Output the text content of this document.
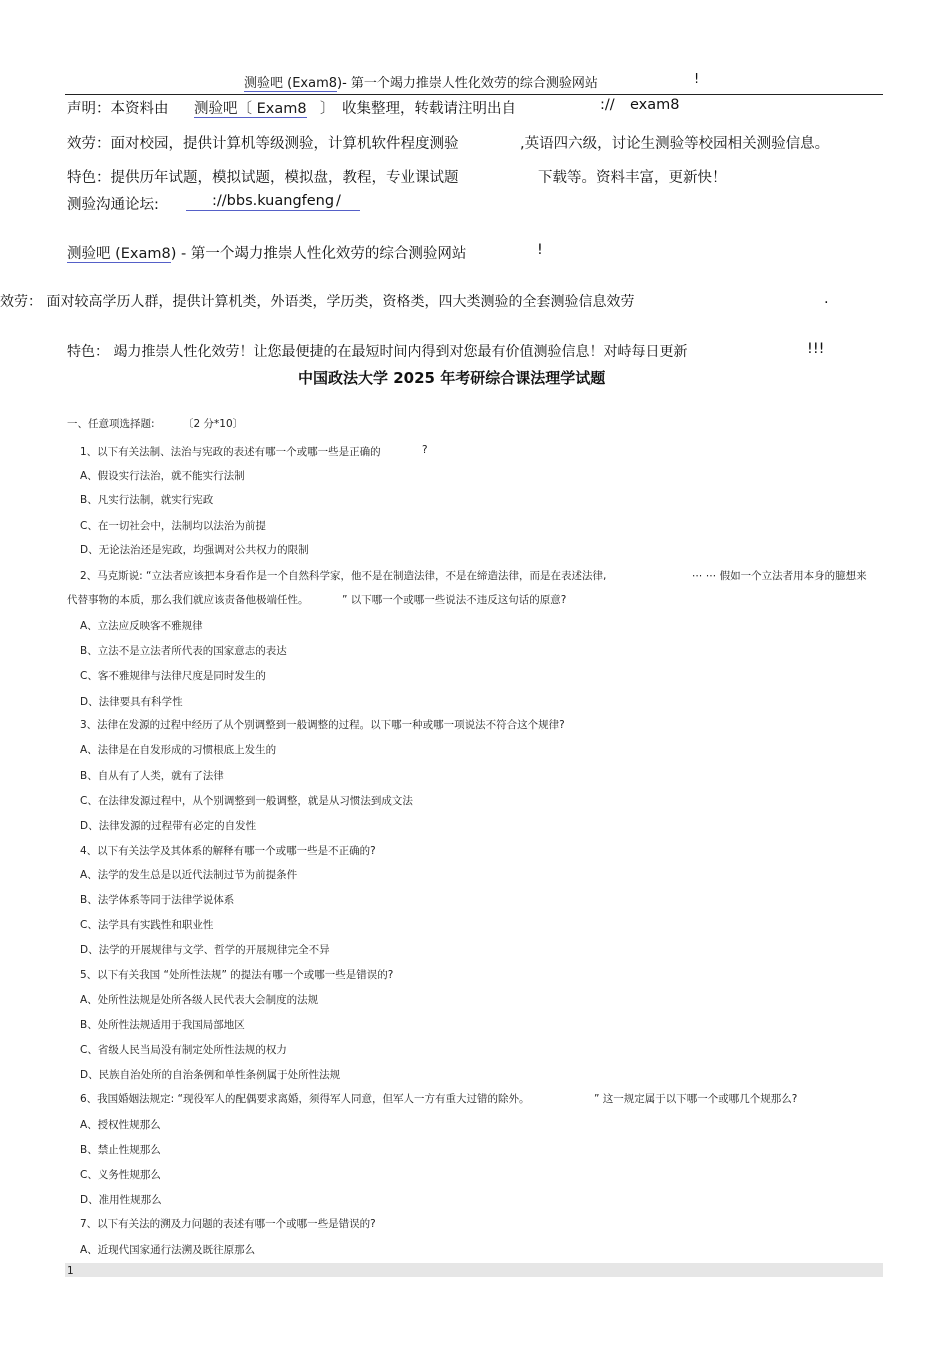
测验吧 (Exam8)- 第一个竭力推崇人性化效劳的综合测验网站	!
声明：本资料由 测验吧〔 Exam8 〕 收集整理，转载请注明出自	:// exam8
效劳：面对校园，提供计算机等级测验，计算机软件程度测验	,英语四六级，讨论生测验等校园相关测验信息。
特色：提供历年试题，模拟试题，模拟盘，教程，专业课试题	下载等。资料丰富，更新快！
测验沟通论坛:	://bbs.kuangfeng /
测验吧 (Exam8) - 第一个竭力推崇人性化效劳的综合测验网站	!
效劳： 面对较高学历人群，提供计算机类，外语类，学历类，资格类，四大类测验的全套测验信息效劳	.
特色： 竭力推崇人性化效劳！让您最便捷的在最短时间内得到对您最有价值测验信息！对峙每日更新	!!!
中国政法大学 2025 年考研综合课法理学试题
一、任意项选择题:	〔2 分*10〕
1、以下有关法制、法治与宪政的表述有哪一个或哪一些是正确的	?
A、假设实行法治，就不能实行法制
B、凡实行法制，就实行宪政
C、在一切社会中，法制均以法治为前提
D、无论法治还是宪政，均强调对公共权力的限制
2、马克斯说: “立法者应该把本身看作是一个自然科学家，他不是在制造法律，不是在缔造法律，而是在表述法律,	⋯ ⋯ 假如一个立法者用本身的臆想来
代替事物的本质，那么我们就应该责备他极端任性。	” 以下哪一个或哪一些说法不违反这句话的原意?
A、立法应反映客不雅规律
B、立法不是立法者所代表的国家意志的表达
C、客不雅规律与法律尺度是同时发生的
D、法律要具有科学性
3、法律在发源的过程中经历了从个别调整到一般调整的过程。以下哪一种或哪一项说法不符合这个规律?
A、法律是在自发形成的习惯根底上发生的
B、自从有了人类，就有了法律
C、在法律发源过程中，从个别调整到一般调整，就是从习惯法到成文法
D、法律发源的过程带有必定的自发性
4、以下有关法学及其体系的解释有哪一个或哪一些是不正确的?
A、法学的发生总是以近代法制过节为前提条件
B、法学体系等同于法律学说体系
C、法学具有实践性和职业性
D、法学的开展规律与文学、哲学的开展规律完全不异
5、以下有关我国 “处所性法规” 的提法有哪一个或哪一些是错误的?
A、处所性法规是处所各级人民代表大会制度的法规
B、处所性法规适用于我国局部地区
C、省级人民当局没有制定处所性法规的权力
D、民族自治处所的自治条例和单性条例属于处所性法规
6、我国婚姻法规定: “现役军人的配偶要求离婚，须得军人同意，但军人一方有重大过错的除外。	” 这一规定属于以下哪一个或哪几个规那么?
A、授权性规那么
B、禁止性规那么
C、义务性规那么
D、准用性规那么
7、以下有关法的溯及力问题的表述有哪一个或哪一些是错误的?
A、近现代国家通行法溯及既往原那么
1
